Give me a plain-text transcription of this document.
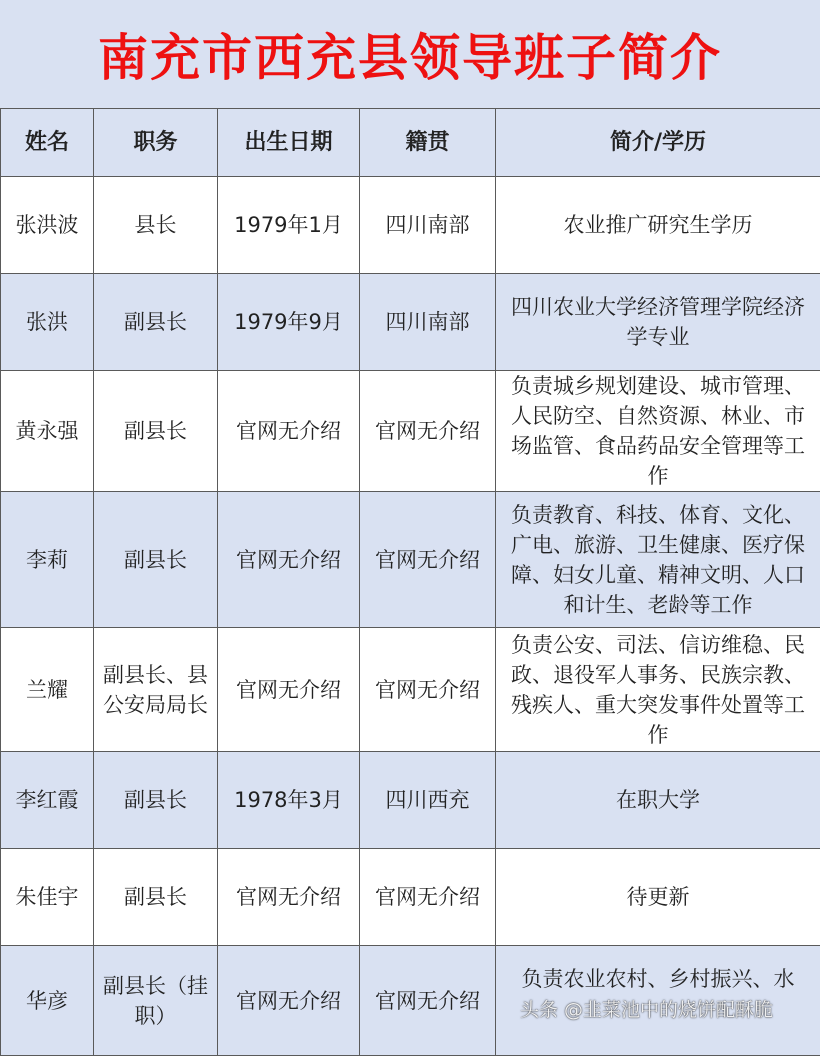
南充市西充县领导班子简介
姓名	职务	出生日期	籍贯	简介/学历
张洪波	县长	1979年1月	四川南部	农业推广研究生学历
张洪	副县长	1979年9月	四川南部	四川农业大学经济管理学院经济学专业
黄永强	副县长	官网无介绍	官网无介绍	负责城乡规划建设、城市管理、人民防空、自然资源、林业、市场监管、食品药品安全管理等工作
李莉	副县长	官网无介绍	官网无介绍	负责教育、科技、体育、文化、广电、旅游、卫生健康、医疗保障、妇女儿童、精神文明、人口和计生、老龄等工作
兰耀	副县长、县公安局局长	官网无介绍	官网无介绍	负责公安、司法、信访维稳、民政、退役军人事务、民族宗教、残疾人、重大突发事件处置等工作
李红霞	副县长	1978年3月	四川西充	在职大学
朱佳宇	副县长	官网无介绍	官网无介绍	待更新
华彦	副县长（挂职）	官网无介绍	官网无介绍	负责农业农村、乡村振兴、水
头条 @韭菜池中的烧饼配酥脆
